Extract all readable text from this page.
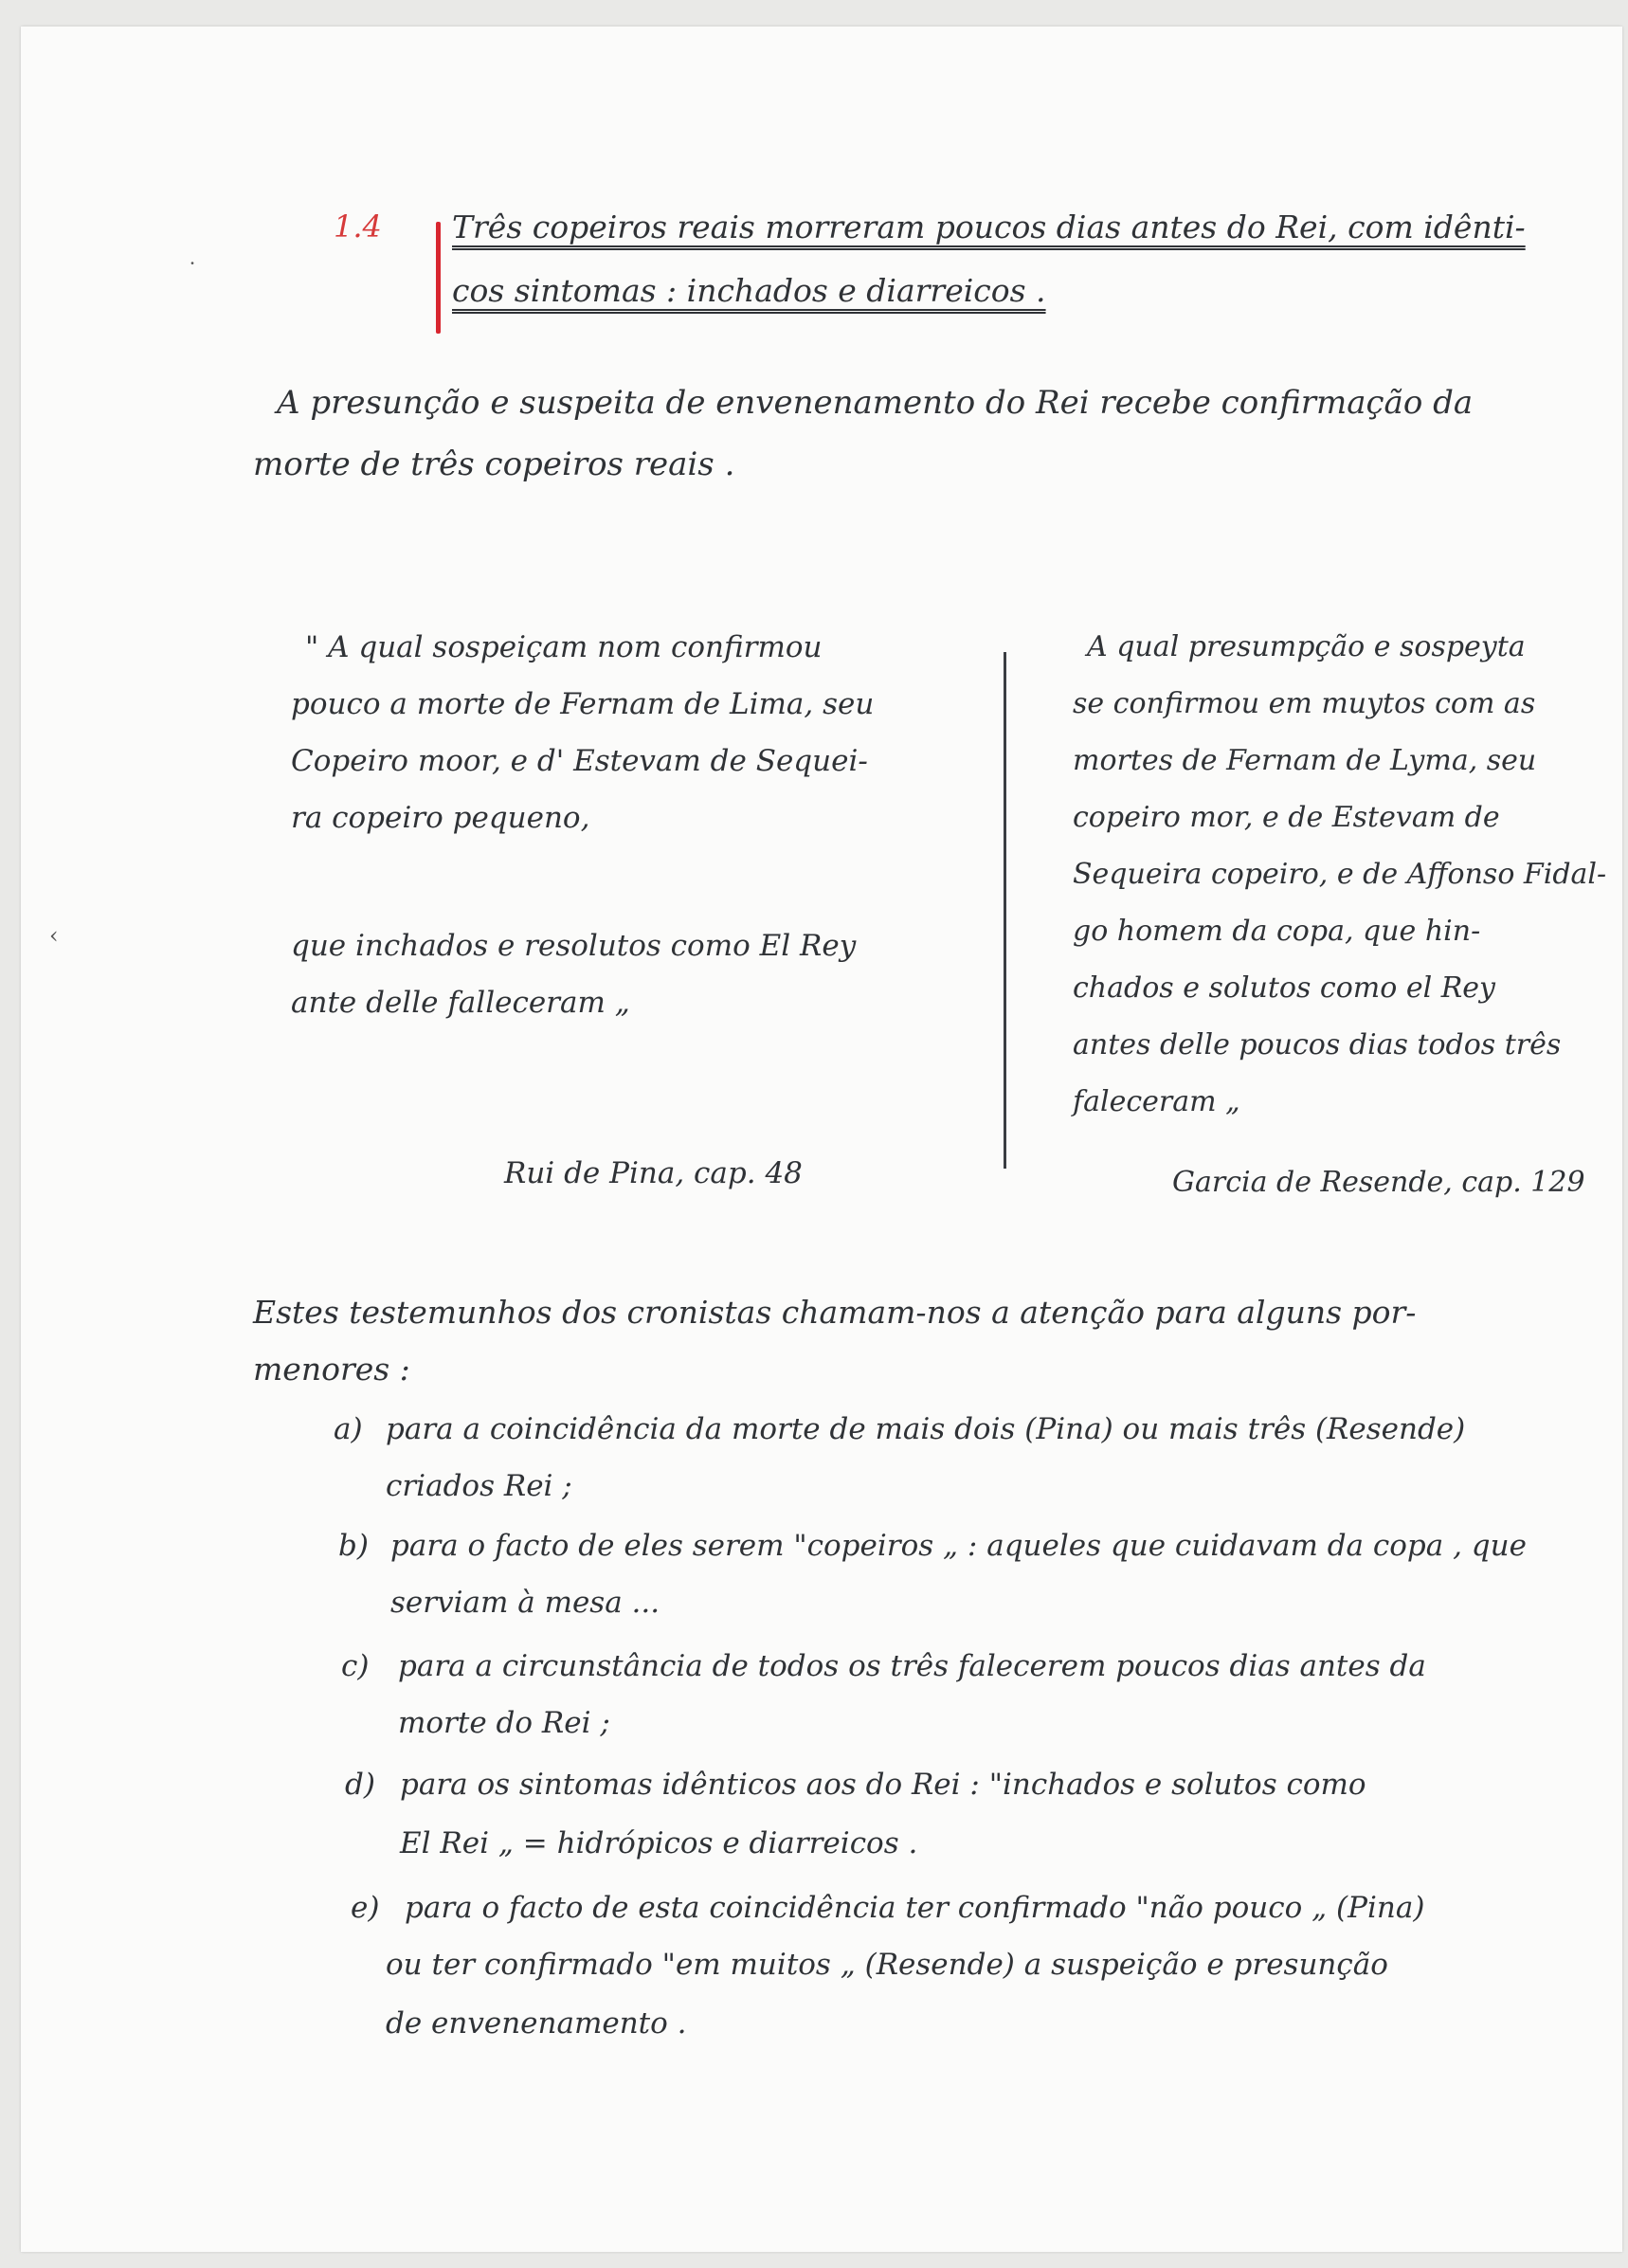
1.4 Três copeiros reais morreram poucos dias antes do Rei, com idênti-
cos sintomas : inchados e diarreicos .
A presunção e suspeita de envenenamento do Rei recebe confirmação da
morte de três copeiros reais .
" A qual sospeiçam nom confirmou
pouco a morte de Fernam de Lima, seu
Copeiro moor, e d' Estevam de Sequei-
ra copeiro pequeno,
que inchados e resolutos como El Rey
ante delle falleceram „
Rui de Pina, cap. 48
A qual presumpção e sospeyta
se confirmou em muytos com as
mortes de Fernam de Lyma, seu
copeiro mor, e de Estevam de
Sequeira copeiro, e de Affonso Fidal-
go homem da copa, que hin-
chados e solutos como el Rey
antes delle poucos dias todos três
faleceram „
Garcia de Resende, cap. 129
Estes testemunhos dos cronistas chamam-nos a atenção para alguns por-
menores :
a) para a coincidência da morte de mais dois (Pina) ou mais três (Resende)
criados Rei ;
b) para o facto de eles serem "copeiros „ : aqueles que cuidavam da copa , que
serviam à mesa ...
c) para a circunstância de todos os três falecerem poucos dias antes da
morte do Rei ;
d) para os sintomas idênticos aos do Rei : "inchados e solutos como
El Rei „ = hidrópicos e diarreicos .
e) para o facto de esta coincidência ter confirmado "não pouco „ (Pina)
ou ter confirmado "em muitos „ (Resende) a suspeição e presunção
de envenenamento .
˙
‹
